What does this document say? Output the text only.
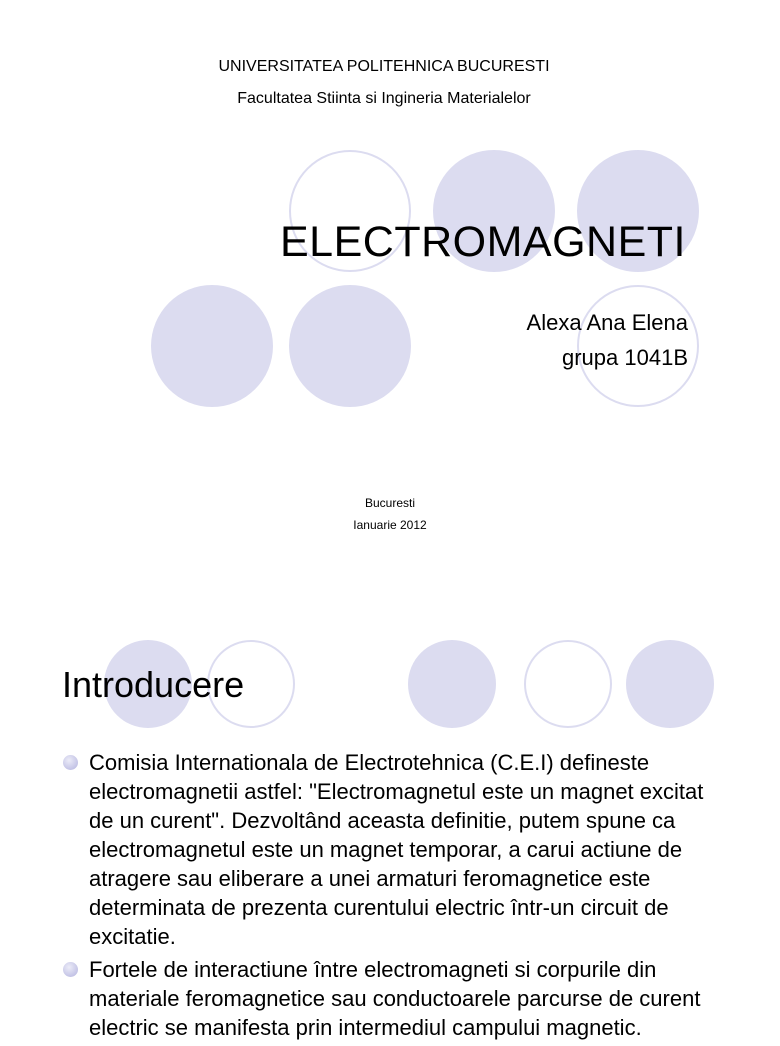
UNIVERSITATEA POLITEHNICA BUCURESTI
Facultatea Stiinta si Ingineria Materialelor
ELECTROMAGNETI
Alexa Ana Elena
grupa 1041B
Bucuresti
Ianuarie 2012
Introducere
Comisia Internationala de Electrotehnica (C.E.I) defineste electromagnetii astfel: "Electromagnetul este un magnet excitat de un curent". Dezvoltând aceasta definitie, putem spune ca electromagnetul este un magnet temporar, a carui actiune de atragere sau eliberare a unei armaturi feromagnetice este determinata de prezenta curentului electric într-un circuit de excitatie.
Fortele de interactiune între electromagneti si corpurile din materiale feromagnetice sau conductoarele parcurse de curent electric se manifesta prin intermediul campului magnetic.
